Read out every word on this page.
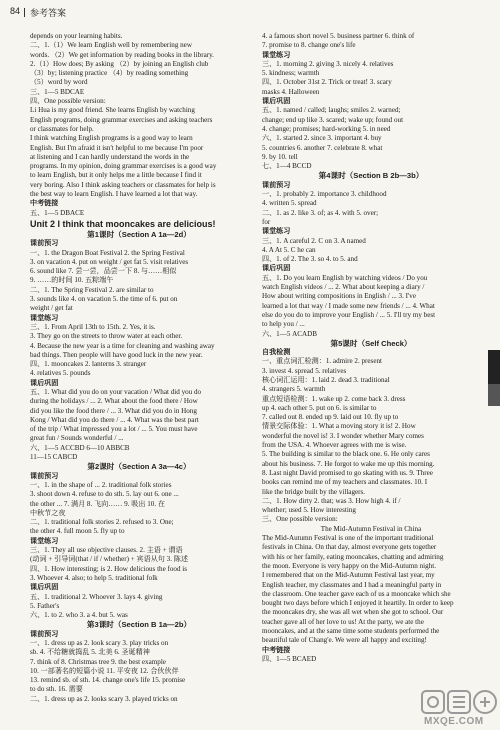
84 参考答案
depends on your learning habits.
二、1.（1）We learn English well by remembering new
words. （2）We get information by reading books in the library.
2.（1）How does; By asking （2）by joining an English club
（3）by; listening practice （4）by reading something
（5）word by word
三、1—5 BDCAE
四、One possible version:
Li Hua is my good friend. She learns English by watching
English programs, doing grammar exercises and asking teachers
or classmates for help.
I think watching English programs is a good way to learn
English. But I'm afraid it isn't helpful to me because I'm poor
at listening and I can hardly understand the words in the
programs. In my opinion, doing grammar exercises is a good way
to learn English, but it only helps me a little because I find it
very boring. Also I think asking teachers or classmates for help is
the best way to learn English. I have learned a lot that way.
中考链接
五、1—5 DBACE
Unit 2 I think that mooncakes are delicious!
第1课时（Section A 1a—2d）
课前预习
一、1. the Dragon Boat Festival 2. the Spring Festival
3. on vacation 4. put on weight / get fat 5. visit relatives
6. sound like 7. 尝一尝，品尝一下 8. 与……相似
9. ……的时间 10. 五粽端午
二、1. The Spring Festival 2. are similar to
3. sounds like 4. on vacation 5. the time of 6. put on
weight / get fat
课堂练习
三、1. From April 13th to 15th. 2. Yes, it is.
3. They go on the streets to throw water at each other.
4. Because the new year is a time for cleaning and washing away
bad things. Then people will have good luck in the new year.
四、1. mooncakes 2. lanterns 3. stranger
4. relatives 5. pounds
课后巩固
五、1. What did you do on your vacation / What did you do
during the holidays / ... 2. What about the food there / How
did you like the food there / ... 3. What did you do in Hong
Kong / What did you do there / ... 4. What was the best part
of the trip / What impressed you a lot / ... 5. You must have
great fun / Sounds wonderful / ...
六、1—5 ACCBD 6—10 ABBCB
11—15 CABCD
第2课时（Section A 3a—4c）
课前预习
一、1. in the shape of ... 2. traditional folk stories
3. shoot down 4. refuse to do sth. 5. lay out 6. one ...
the other ... 7. 满月 8. 飞向…… 9. 吸出 10. 在
中秋节之夜
二、1. traditional folk stories 2. refused to 3. One;
the other 4. full moon 5. fly up to
课堂练习
三、1. They all use objective clauses. 2. 主语 + 谓语
(动词 + 引导词(that / if / whether) + 宾语从句 3. 陈述
四、1. How interesting; is 2. How delicious the food is
3. Whoever 4. also; to help 5. traditional folk
课后巩固
五、1. traditional 2. Whoever 3. lays 4. giving
5. Father's
六、1. to 2. who 3. a 4. but 5. was
第3课时（Section B 1a—2b）
课前预习
一、1. dress up as 2. look scary 3. play tricks on
sb. 4. 不给糖就捣乱 5. 北美 6. 圣诞精神
7. think of 8. Christmas tree 9. the best example
10. 一部著名的短篇小说 11. 平安夜 12. 合伙伙伴
13. remind sb. of sth. 14. change one's life 15. promise
to do sth. 16. 需要
二、1. dress up as 2. looks scary 3. played tricks on
4. a famous short novel 5. business partner 6. think of
7. promise to 8. change one's life
课堂练习
三、1. morning 2. giving 3. nicely 4. relatives
5. kindness; warmth
四、1. October 31st 2. Trick or treat! 3. scary
masks 4. Halloween
课后巩固
五、1. named / called; laughs; smiles 2. warned;
change; end up like 3. scared; wake up; found out
4. change; promises; hard-working 5. in need
六、1. started 2. since 3. important 4. buy
5. countries 6. another 7. celebrate 8. what
9. by 10. tell
七、1—4 BCCD
第4课时（Section B 2b—3b）
课前预习
一、1. probably 2. importance 3. childhood
4. written 5. spread
二、1. as 2. like 3. of; as 4. with 5. over;
for
课堂练习
三、1. A careful 2. C on 3. A named
4. A At 5. C he can
四、1. of 2. The 3. so 4. to 5. and
课后巩固
五、1. Do you learn English by watching videos / Do you
watch English videos / ... 2. What about keeping a diary /
How about writing compositions in English / ... 3. I've
learned a lot that way / I made some new friends / ... 4. What
else do you do to improve your English / ... 5. I'll try my best
to help you / ...
六、1—5 ACADB
第5课时（Self Check）
自我检测
一、重点词汇检测：1. admire 2. present
3. invest 4. spread 5. relatives
核心词汇运用：1. laid 2. dead 3. traditional
4. strangers 5. warmth
重点短语检测：1. wake up 2. come back 3. dress
up 4. each other 5. put on 6. is similar to
7. called out 8. ended up 9. laid out 10. fly up to
情景交际体验：1. What a moving story it is! 2. How
wonderful the novel is! 3. I wonder whether Mary comes
from the USA. 4. Whoever agrees with me is wise.
5. The building is similar to the black one. 6. He only cares
about his business. 7. He forgot to wake me up this morning.
8. Last night David promised to go skating with us. 9. Three
books can remind me of my teachers and classmates. 10. I
like the bridge built by the villagers.
二、1. How dirty 2. that; was 3. How high 4. if /
whether; used 5. How interesting
三、One possible version:
The Mid-Autumn Festival in China
The Mid-Autumn Festival is one of the important traditional
festivals in China. On that day, almost everyone gets together
with his or her family, eating mooncakes, chatting and admiring
the moon. Everyone is very happy on the Mid-Autumn night.
I remembered that on the Mid-Autumn Festival last year, my
English teacher, my classmates and I had a meaningful party in
the classroom. One teacher gave each of us a mooncake which she
bought two days before which I enjoyed it heartily. In order to keep
the mooncakes dry, she was all wet when she got to school. Our
teacher gave all of her love to us! At the party, we ate the
mooncakes, and at the same time some students performed the
beautiful tale of Chang'e. We were all happy and exciting!
中考链接
四、1—5 BCAED
MXQE.COM
